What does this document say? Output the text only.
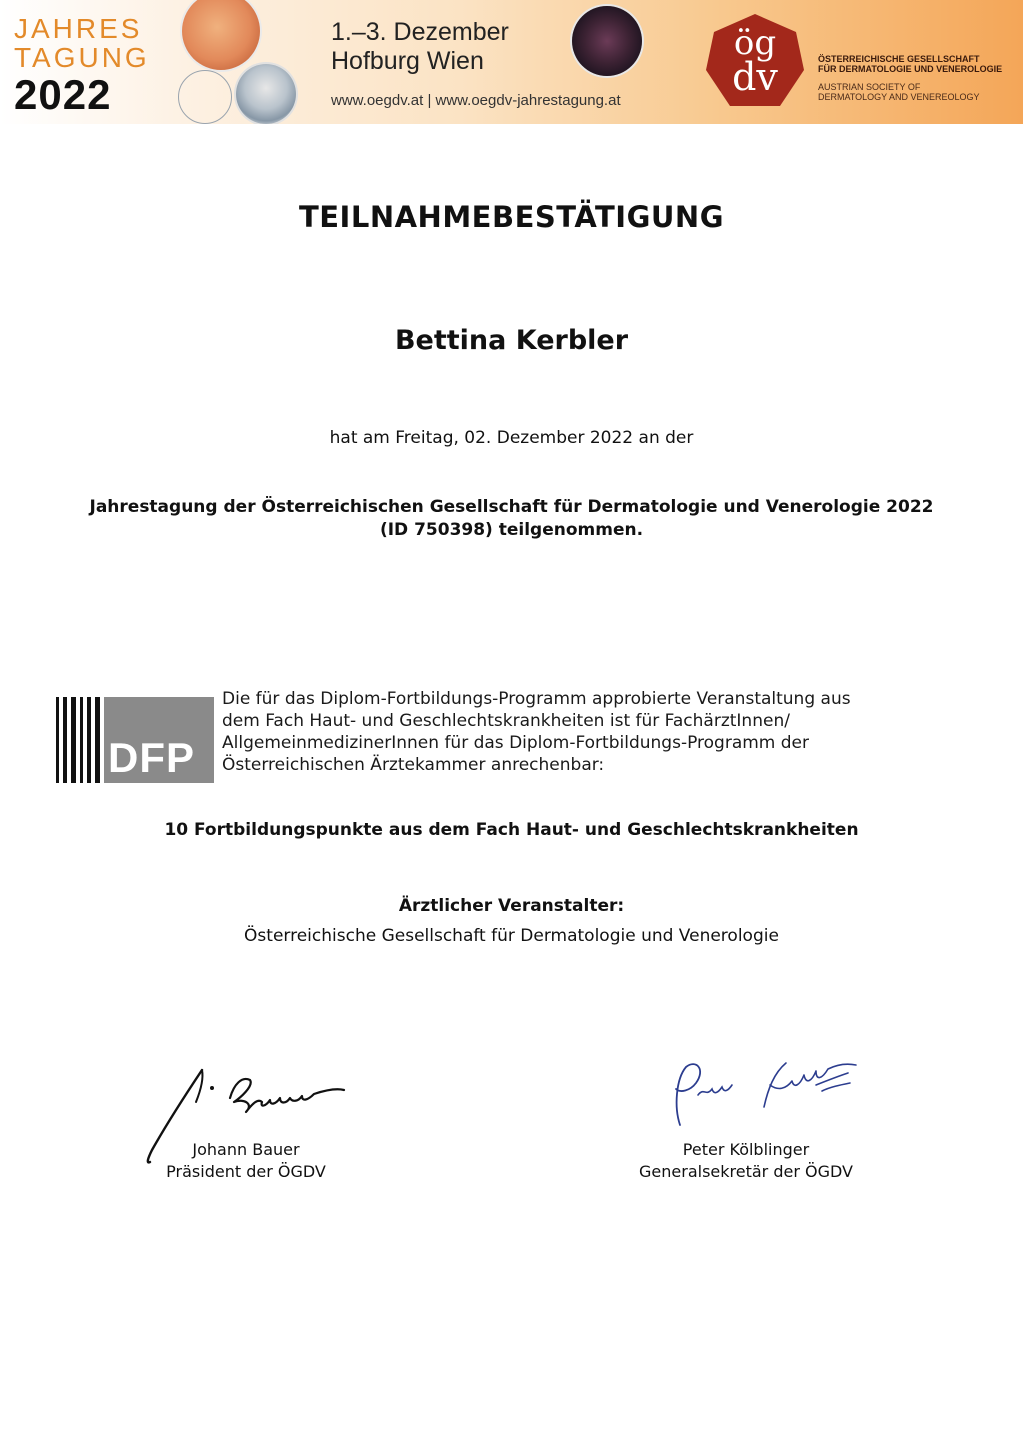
JAHRES
TAGUNG
2022
1.–3. Dezember
Hofburg Wien
www.oegdv.at | www.oegdv-jahrestagung.at
ög
dv	ÖSTERREICHISCHE GESELLSCHAFT
FÜR DERMATOLOGIE UND VENEROLOGIE
AUSTRIAN SOCIETY OF
DERMATOLOGY AND VENEREOLOGY
TEILNAHMEBESTÄTIGUNG
Bettina Kerbler
hat am Freitag, 02. Dezember 2022 an der
Jahrestagung der Österreichischen Gesellschaft für Dermatologie und Venerologie 2022
(ID 750398) teilgenommen.
DFP
Die für das Diplom-Fortbildungs-Programm approbierte Veranstaltung aus
dem Fach Haut- und Geschlechtskrankheiten ist für FachärztInnen/
AllgemeinmedizinerInnen für das Diplom-Fortbildungs-Programm der
Österreichischen Ärztekammer anrechenbar:
10 Fortbildungspunkte aus dem Fach Haut- und Geschlechtskrankheiten
Ärztlicher Veranstalter:
Österreichische Gesellschaft für Dermatologie und Venerologie
Johann Bauer
Präsident der ÖGDV
Peter Kölblinger
Generalsekretär der ÖGDV
